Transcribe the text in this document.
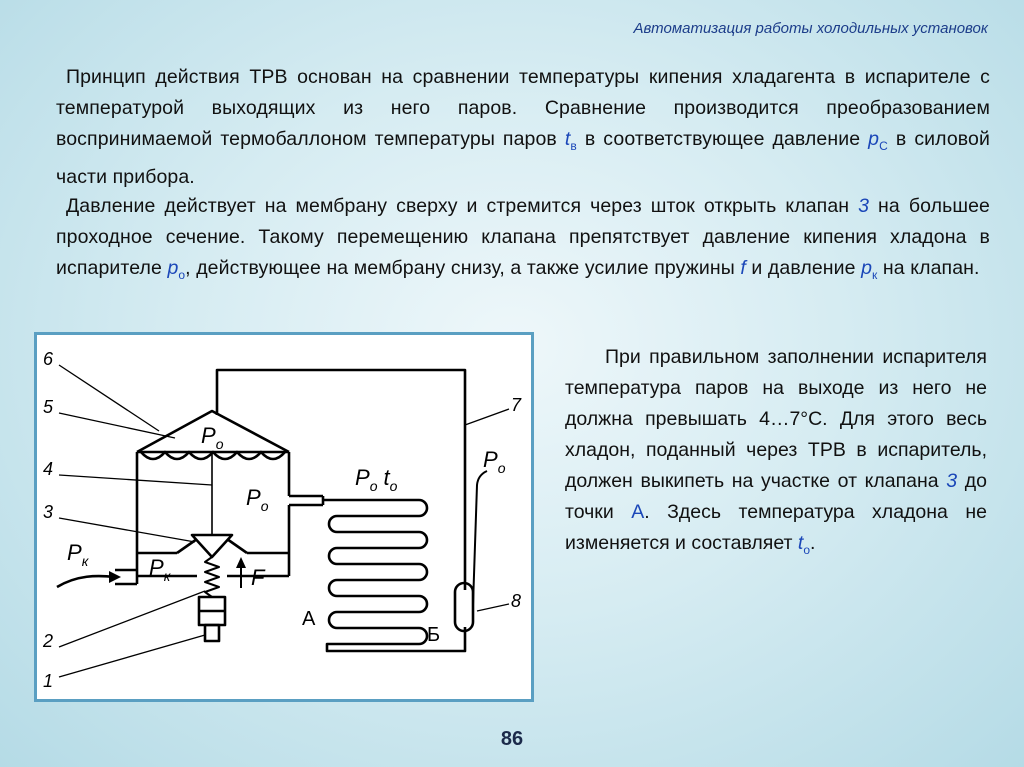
Автоматизация работы холодильных установок
Принцип действия ТРВ основан на сравнении температуры кипения хладагента в испарителе с температурой выходящих из него паров. Сравнение производится преобразованием воспринимаемой термобаллоном температуры паров $t_в$ в соответствующее давление $p_С$ в силовой части прибора.
Давление действует на мембрану сверху и стремится через шток открыть клапан 3 на большее проходное сечение. Такому перемещению клапана препятствует давление кипения хладона в испарителе $p_о$, действующее на мембрану снизу, а также усилие пружины f и давление $p_к$ на клапан.
6
5
4
3
2
1
7
8
$P_о$
$P_о$
$P_к$	$P_к$	F
$P_о$ $t_о$
$P_о$
А
Б
При правильном заполнении испарителя температура паров на выходе из него не должна превышать 4…7°С. Для этого весь хладон, поданный через ТРВ в испаритель, должен выкипеть на участке от клапана 3 до точки А. Здесь температура хладона не изменяется и составляет $t_о$.
86
